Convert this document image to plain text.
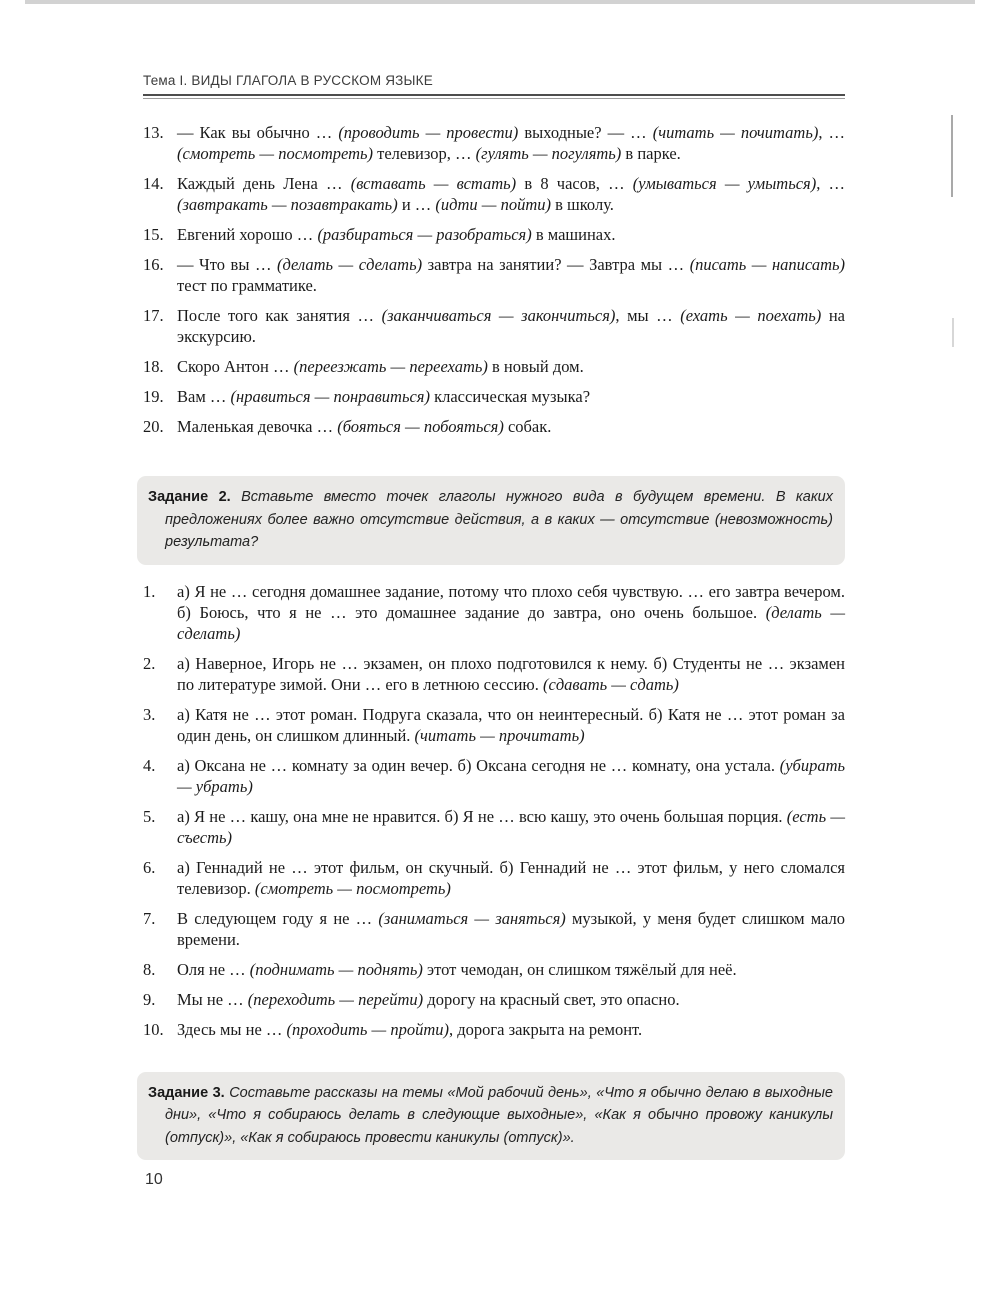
Тема I. ВИДЫ ГЛАГОЛА В РУССКОМ ЯЗЫКЕ
13. — Как вы обычно … (проводить — провести) выходные? — … (читать — почитать), … (смотреть — посмотреть) телевизор, … (гулять — погулять) в парке.
14. Каждый день Лена … (вставать — встать) в 8 часов, … (умываться — умыться), … (завтракать — позавтракать) и … (идти — пойти) в школу.
15. Евгений хорошо … (разбираться — разобраться) в машинах.
16. — Что вы … (делать — сделать) завтра на занятии? — Завтра мы … (писать — написать) тест по грамматике.
17. После того как занятия … (заканчиваться — закончиться), мы … (ехать — поехать) на экскурсию.
18. Скоро Антон … (переезжать — переехать) в новый дом.
19. Вам … (нравиться — понравиться) классическая музыка?
20. Маленькая девочка … (бояться — побояться) собак.

Задание 2. Вставьте вместо точек глаголы нужного вида в будущем времени. В каких предложениях более важно отсутствие действия, а в каких — отсутствие (невозможность) результата?

1.	а) Я не … сегодня домашнее задание, потому что плохо себя чувствую. … его завтра вечером. б) Боюсь, что я не … это домашнее задание до завтра, оно очень большое. (делать — сделать)
2.	а) Наверное, Игорь не … экзамен, он плохо подготовился к нему. б) Студенты не … экзамен по литературе зимой. Они … его в летнюю сессию. (сдавать — сдать)
3.	а) Катя не … этот роман. Подруга сказала, что он неинтересный. б) Катя не … этот роман за один день, он слишком длинный. (читать — прочитать)
4.	а) Оксана не … комнату за один вечер. б) Оксана сегодня не … комнату, она устала. (убирать — убрать)
5.	а) Я не … кашу, она мне не нравится. б) Я не … всю кашу, это очень большая порция. (есть — съесть)
6.	а) Геннадий не … этот фильм, он скучный. б) Геннадий не … этот фильм, у него сломался телевизор. (смотреть — посмотреть)
7.	В следующем году я не … (заниматься — заняться) музыкой, у меня будет слишком мало времени.
8.	Оля не … (поднимать — поднять) этот чемодан, он слишком тяжёлый для неё.
9.	Мы не … (переходить — перейти) дорогу на красный свет, это опасно.
10. Здесь мы не … (проходить — пройти), дорога закрыта на ремонт.

Задание 3. Составьте рассказы на темы «Мой рабочий день», «Что я обычно делаю в выходные дни», «Что я собираюсь делать в следующие выходные», «Как я обычно провожу каникулы (отпуск)», «Как я собираюсь провести каникулы (отпуск)».

10
